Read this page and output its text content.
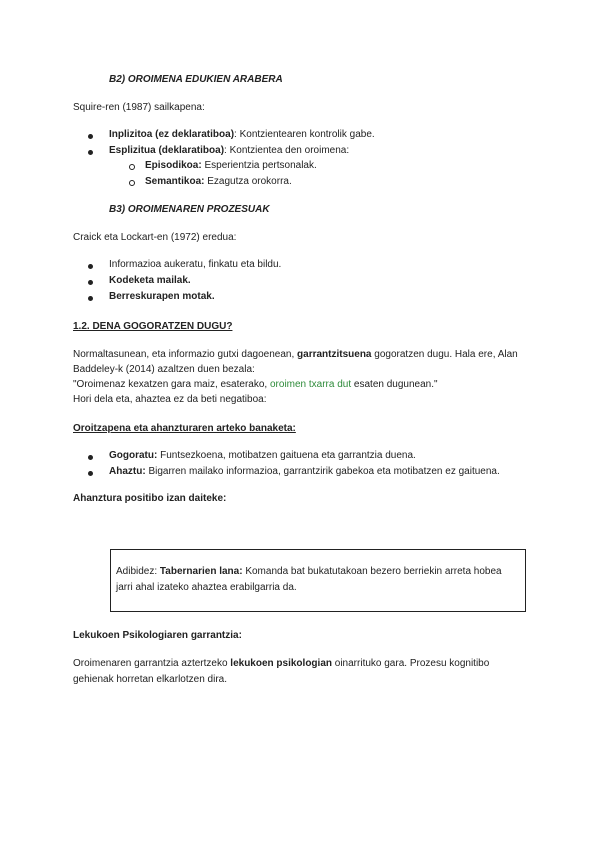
B2) OROIMENA EDUKIEN ARABERA
Squire-ren (1987) sailkapena:
Inplizitoa (ez deklaratiboa): Kontzientearen kontrolik gabe.
Esplizitua (deklaratiboa): Kontzientea den oroimena:
Episodikoa: Esperientzia pertsonalak.
Semantikoa: Ezagutza orokorra.
B3) OROIMENAREN PROZESUAK
Craick eta Lockart-en (1972) eredua:
Informazioa aukeratu, finkatu eta bildu.
Kodeketa mailak.
Berreskurapen motak.
1.2. DENA GOGORATZEN DUGU?
Normaltasunean, eta informazio gutxi dagoenean, garrantzitsuena gogoratzen dugu. Hala ere, Alan
Baddeley-k (2014) azaltzen duen bezala:
"Oroimenaz kexatzen gara maiz, esaterako, oroimen txarra dut esaten dugunean."
Hori dela eta, ahaztea ez da beti negatiboa:
Oroitzapena eta ahanzturaren arteko banaketa:
Gogoratu: Funtsezkoena, motibatzen gaituena eta garrantzia duena.
Ahaztu: Bigarren mailako informazioa, garrantzirik gabekoa eta motibatzen ez gaituena.
Ahanztura positibo izan daiteke:
Adibidez: Tabernarien lana: Komanda bat bukatutakoan bezero berriekin arreta hobea
jarri ahal izateko ahaztea erabilgarria da.
Lekukoen Psikologiaren garrantzia:
Oroimenaren garrantzia aztertzeko lekukoen psikologian oinarrituko gara. Prozesu kognitibo
gehienak horretan elkarlotzen dira.
